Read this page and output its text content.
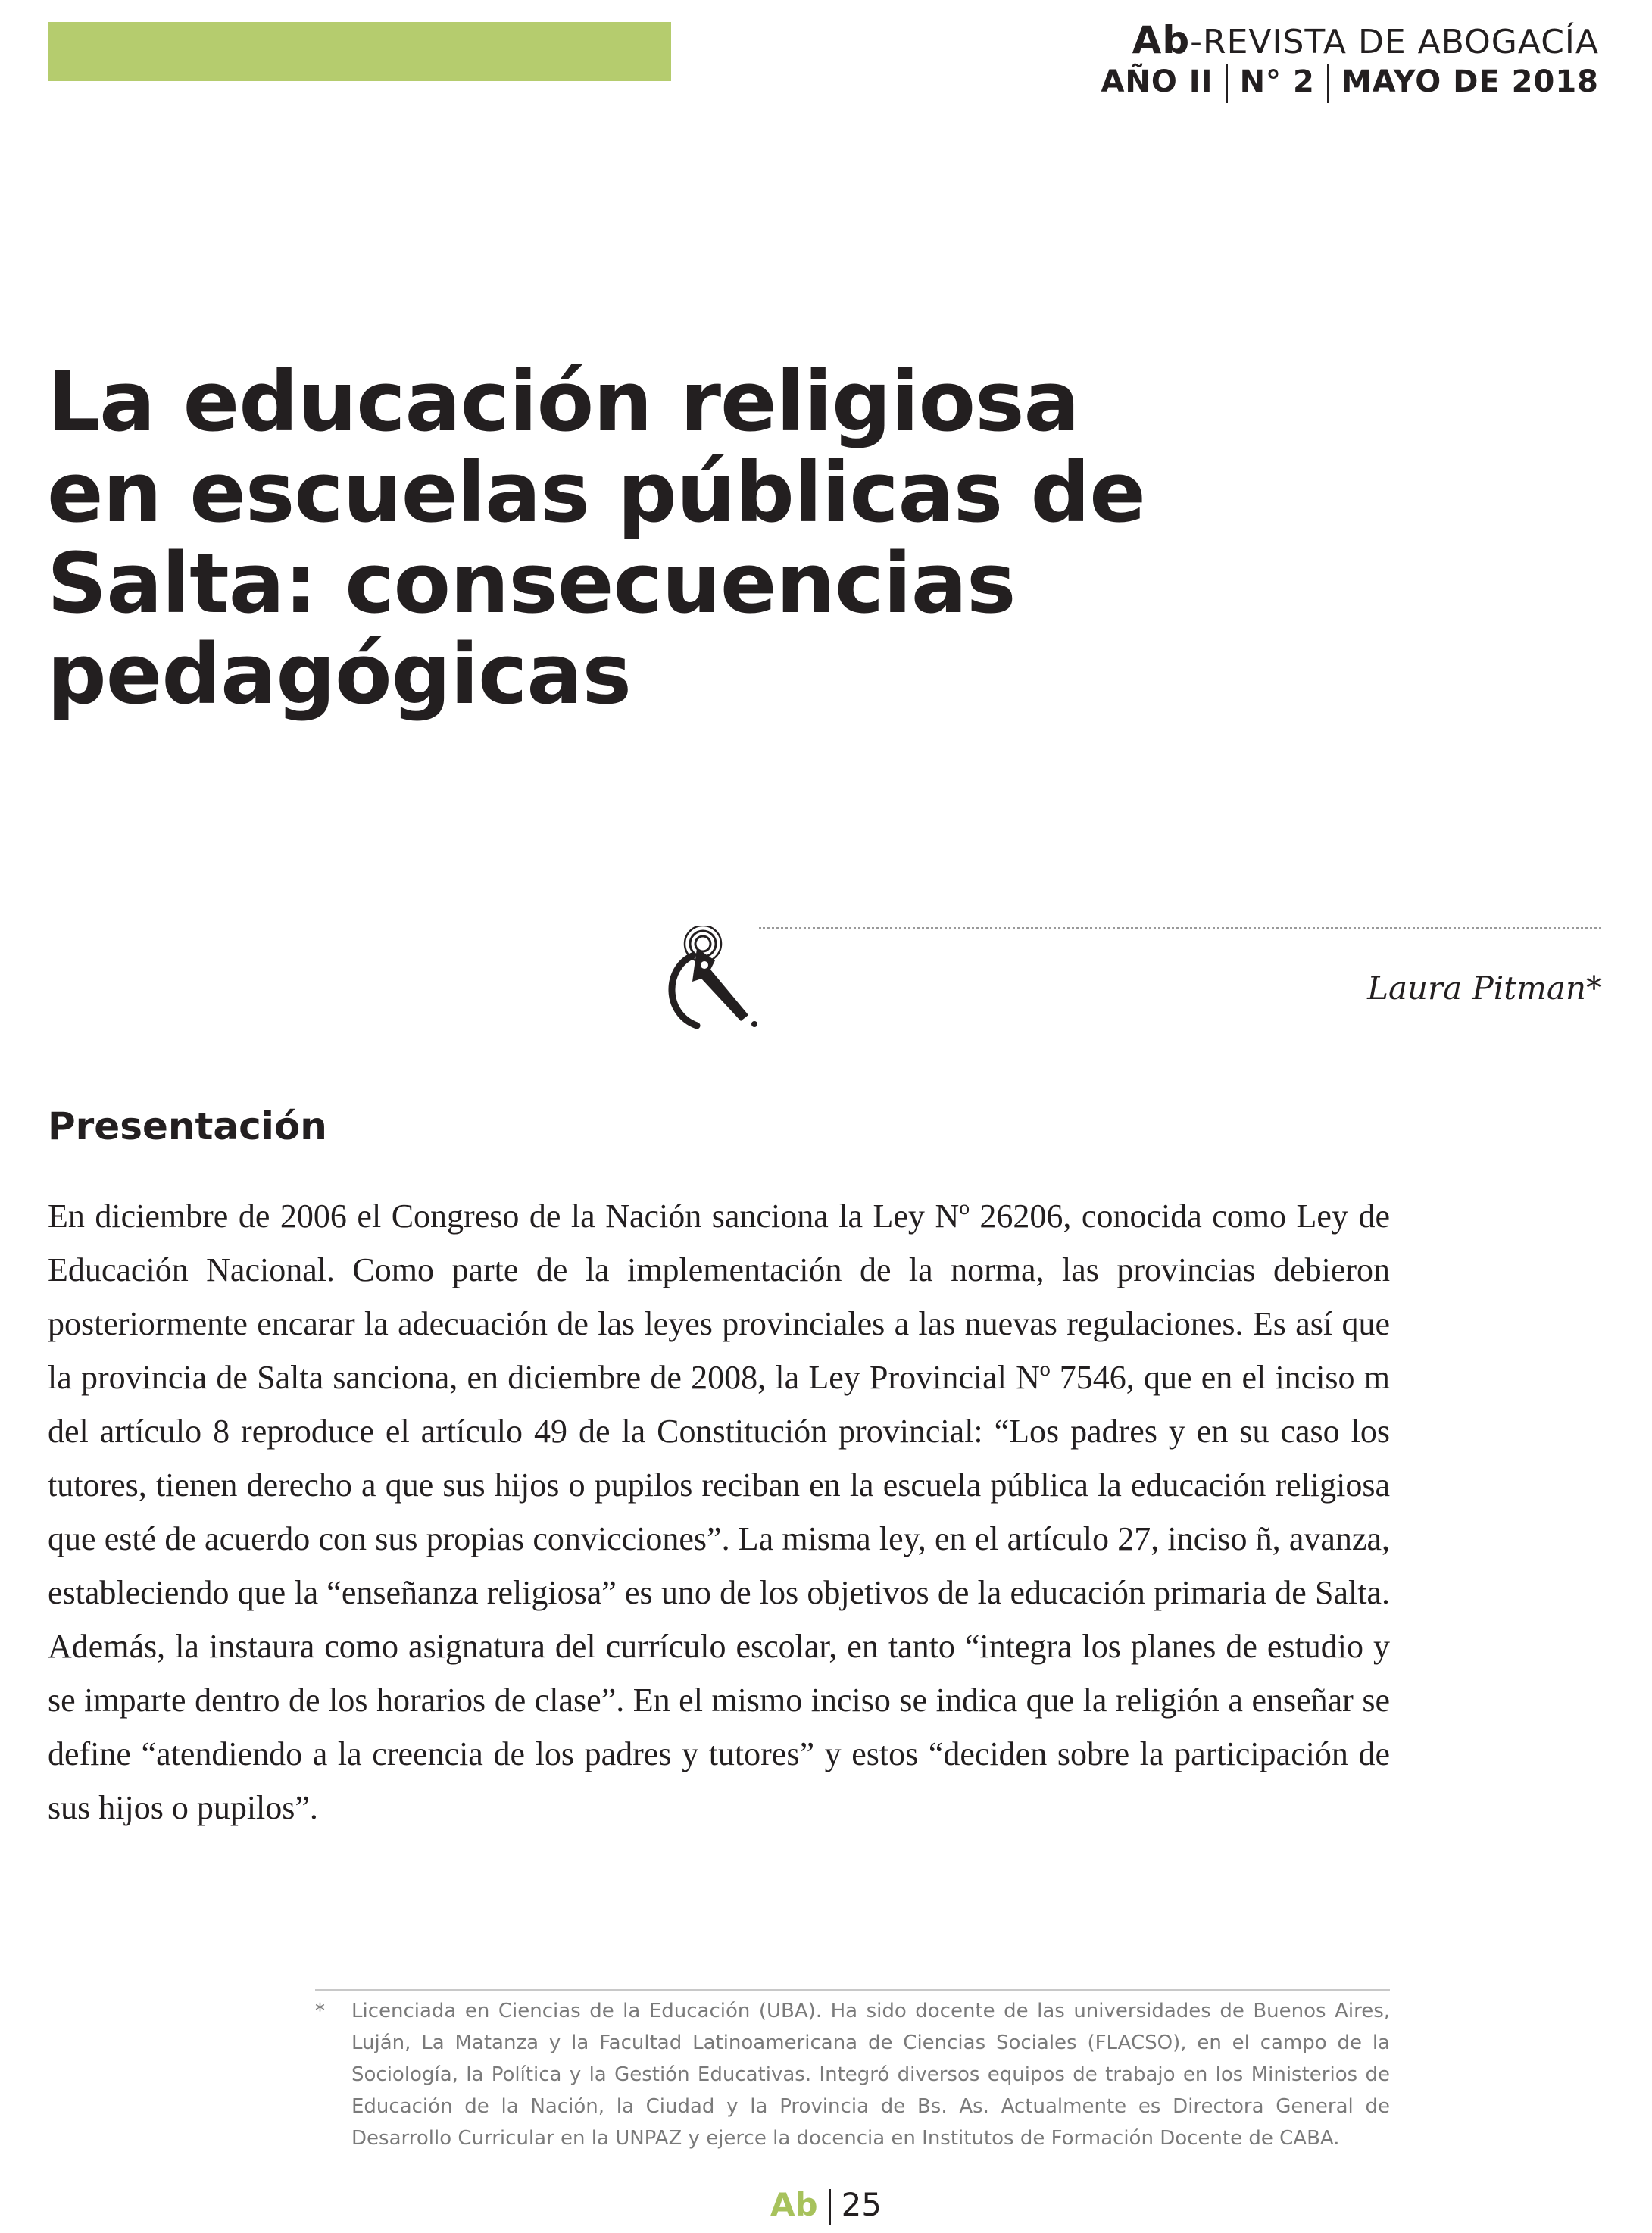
Ab-REVISTA DE ABOGACÍA
AÑO II N° 2 MAYO DE 2018
La educación religiosa en escuelas públicas de Salta: consecuencias pedagógicas
Laura Pitman*
Presentación

En diciembre de 2006 el Congreso de la Nación sanciona la Ley Nº 26206, conocida como Ley de Educación Nacional. Como parte de la implementación de la norma, las provincias debieron posteriormente encarar la adecuación de las leyes provinciales a las nuevas regulaciones. Es así que la provincia de Salta sanciona, en diciembre de 2008, la Ley Provincial Nº 7546, que en el inciso m del artículo 8 reproduce el artículo 49 de la Constitución provincial: “Los padres y en su caso los tutores, tienen derecho a que sus hijos o pupilos reciban en la escuela pública la educación religiosa que esté de acuerdo con sus propias convicciones”. La misma ley, en el artículo 27, inciso ñ, avanza, estableciendo que la “enseñanza religiosa” es uno de los objetivos de la educación primaria de Salta. Además, la instaura como asignatura del currículo escolar, en tanto “integra los planes de estudio y se imparte dentro de los horarios de clase”. En el mismo inciso se indica que la religión a enseñar se define “atendiendo a la creencia de los padres y tutores” y estos “deciden sobre la participación de sus hijos o pupilos”.

* Licenciada en Ciencias de la Educación (UBA). Ha sido docente de las universidades de Buenos Aires, Luján, La Matanza y la Facultad Latinoamericana de Ciencias Sociales (FLACSO), en el campo de la Sociología, la Política y la Gestión Educativas. Integró diversos equipos de trabajo en los Ministerios de Educación de la Nación, la Ciudad y la Provincia de Bs. As. Actualmente es Directora General de Desarrollo Curricular en la UNPAZ y ejerce la docencia en Institutos de Formación Docente de CABA.
Ab 25
